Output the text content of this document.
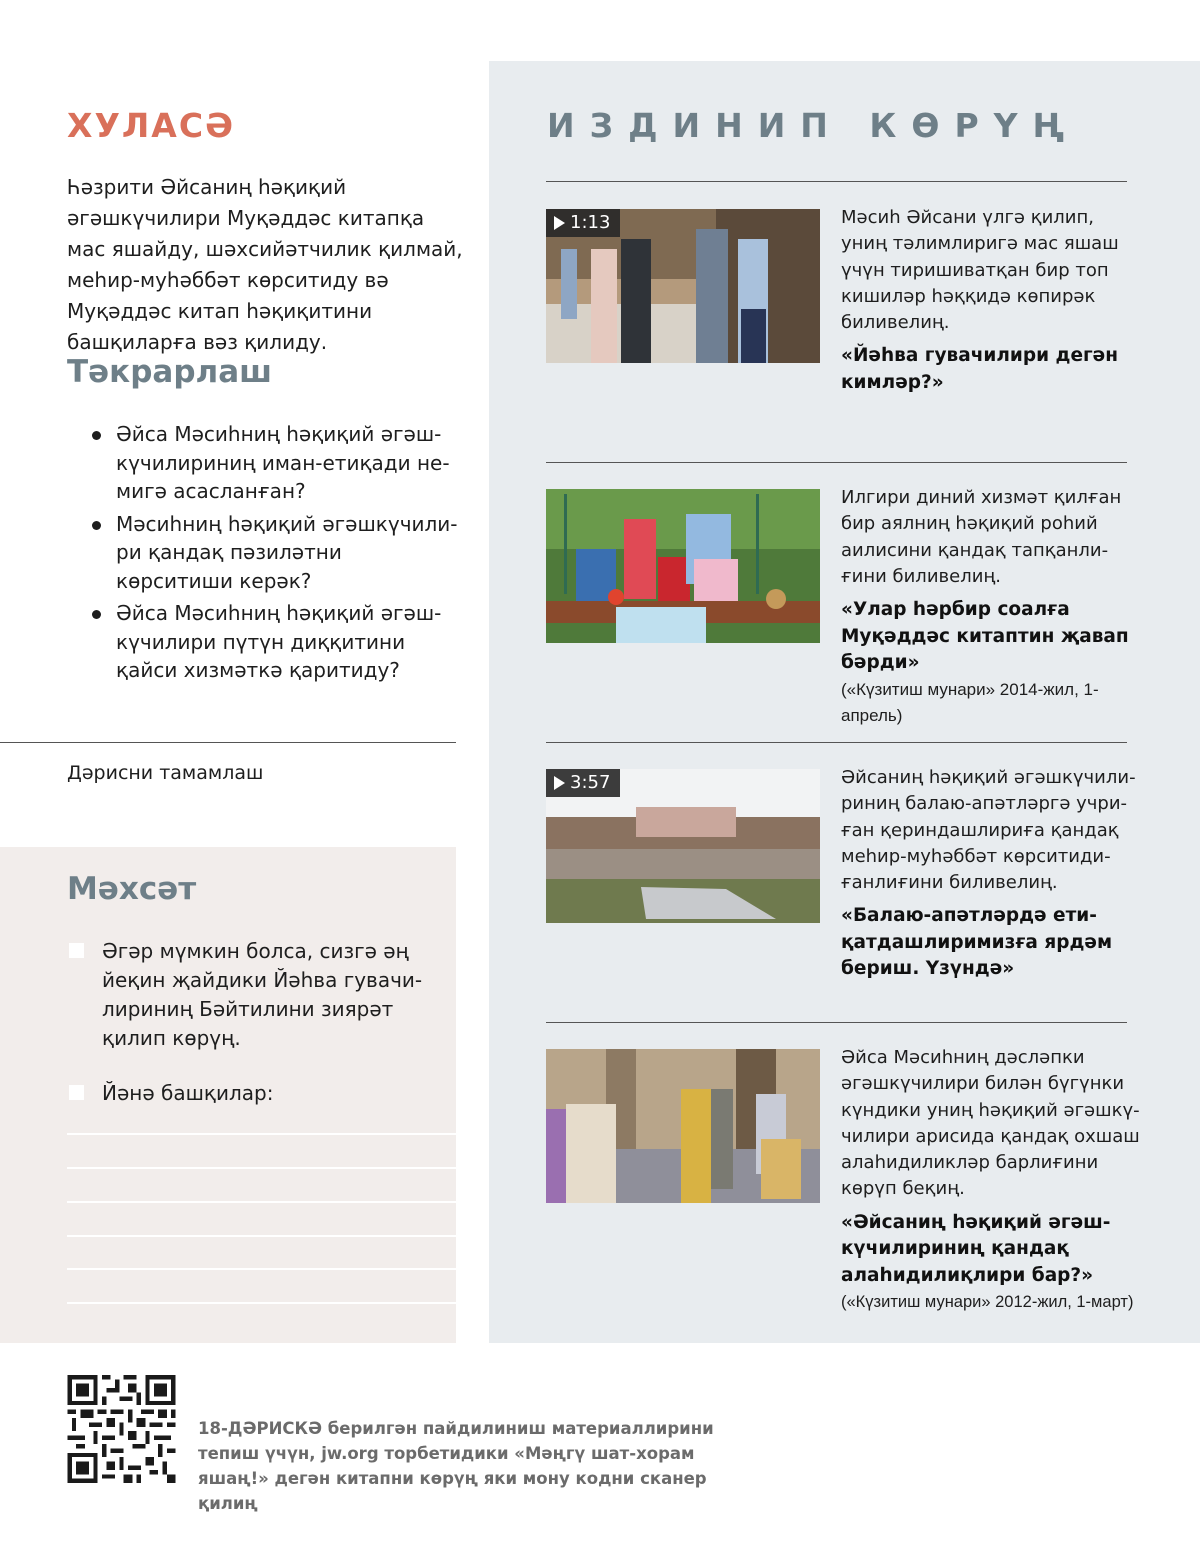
ХУЛАСӘ

Һәзрити Әйсаниң һәқиқий әгәшкүчилири Муқәддәс китапқа мас яшайду, шәхсийәтчилик қилмай, меһир-муһәббәт көрситиду вә Муқәддәс китап һәқиқитини башқиларға вәз қилиду.

Тәкрарлаш
Әйса Мәсиһниң һәқиқий әгәшкүчилириниң иман-етиқади немигә асасланған?
Мәсиһниң һәқиқий әгәшкүчилири қандақ пәзиләтни көрситиши керәк?
Әйса Мәсиһниң һәқиқий әгәшкүчилири пүтүн диққитини қайси хизмәткә қаритиду?
Дәрисни тамамлаш
Мәхсәт
Әгәр мүмкин болса, сизгә әң йеқин җайдики Йәһва гувачилириниң Бәйтилини зиярәт қилип көрүң.
Йәнә башқилар:
ИЗДИНИП КӨРҮҢ
1:13	Мәсиһ Әйсани үлгә қилип, униң тәлимлиригә мас яшаш үчүн тиришиватқан бир топ кишиләр һәққидә көпирәк биливелиң.

«Йәһва гувачилири дегән кимләр?»

Илгири диний хизмәт қилған бир аялниң һәқиқий роһий аилисини қандақ тапқанлиғини биливелиң.

«Улар һәрбир соалға Муқәддәс китаптин җавап бәрди»

(«Күзитиш мунари» 2014-жил, 1-апрель)

3:57	Әйсаниң һәқиқий әгәшкүчилириниң балаю-апәтләргә учриған қериндашлириға қандақ меһир-муһәббәт көрситидиғанлиғини биливелиң.

«Балаю-апәтләрдә етиқатдашлиримизға ярдәм бериш. Үзүндә»

Әйса Мәсиһниң дәсләпки әгәшкүчилири билән бүгүнки күндики униң һәқиқий әгәшкүчилири арисида қандақ охшаш алаһидиликләр барлиғини көрүп беқиң.

«Әйсаниң һәқиқий әгәшкүчилириниң қандақ алаһидилиқлири бар?» («Күзитиш мунари» 2012-жил, 1-март)

18-ДӘРИСКӘ берилгән пайдилиниш материаллирини тепиш үчүн, jw.org торбетидики «Мәңгү шат-хорам яшаң!» дегән китапни көрүң яки мону кодни сканер қилиң
